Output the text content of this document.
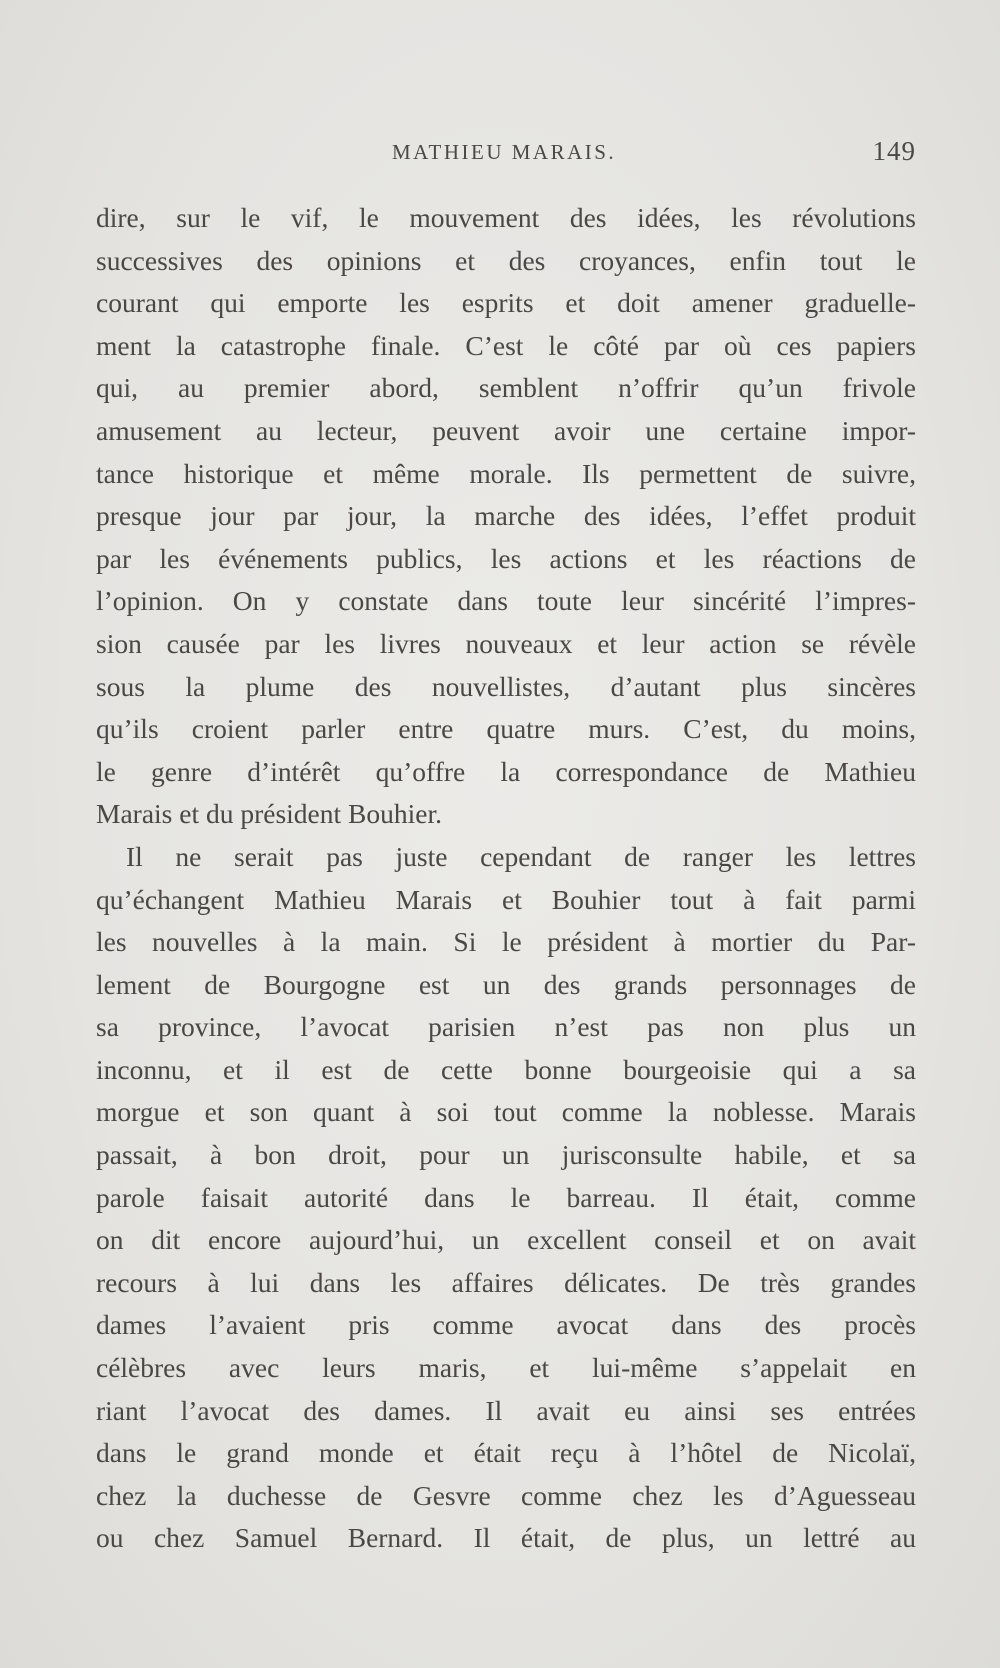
MATHIEU MARAIS.	149
dire, sur le vif, le mouvement des idées, les révolutions
successives des opinions et des croyances, enfin tout le
courant qui emporte les esprits et doit amener graduelle-
ment la catastrophe finale. C’est le côté par où ces papiers
qui, au premier abord, semblent n’offrir qu’un frivole
amusement au lecteur, peuvent avoir une certaine impor-
tance historique et même morale. Ils permettent de suivre,
presque jour par jour, la marche des idées, l’effet produit
par les événements publics, les actions et les réactions de
l’opinion. On y constate dans toute leur sincérité l’impres-
sion causée par les livres nouveaux et leur action se révèle
sous la plume des nouvellistes, d’autant plus sincères
qu’ils croient parler entre quatre murs. C’est, du moins,
le genre d’intérêt qu’offre la correspondance de Mathieu
Marais et du président Bouhier.
Il ne serait pas juste cependant de ranger les lettres
qu’échangent Mathieu Marais et Bouhier tout à fait parmi
les nouvelles à la main. Si le président à mortier du Par-
lement de Bourgogne est un des grands personnages de
sa province, l’avocat parisien n’est pas non plus un
inconnu, et il est de cette bonne bourgeoisie qui a sa
morgue et son quant à soi tout comme la noblesse. Marais
passait, à bon droit, pour un jurisconsulte habile, et sa
parole faisait autorité dans le barreau. Il était, comme
on dit encore aujourd’hui, un excellent conseil et on avait
recours à lui dans les affaires délicates. De très grandes
dames l’avaient pris comme avocat dans des procès
célèbres avec leurs maris, et lui-même s’appelait en
riant l’avocat des dames. Il avait eu ainsi ses entrées
dans le grand monde et était reçu à l’hôtel de Nicolaï,
chez la duchesse de Gesvre comme chez les d’Aguesseau
ou chez Samuel Bernard. Il était, de plus, un lettré au
